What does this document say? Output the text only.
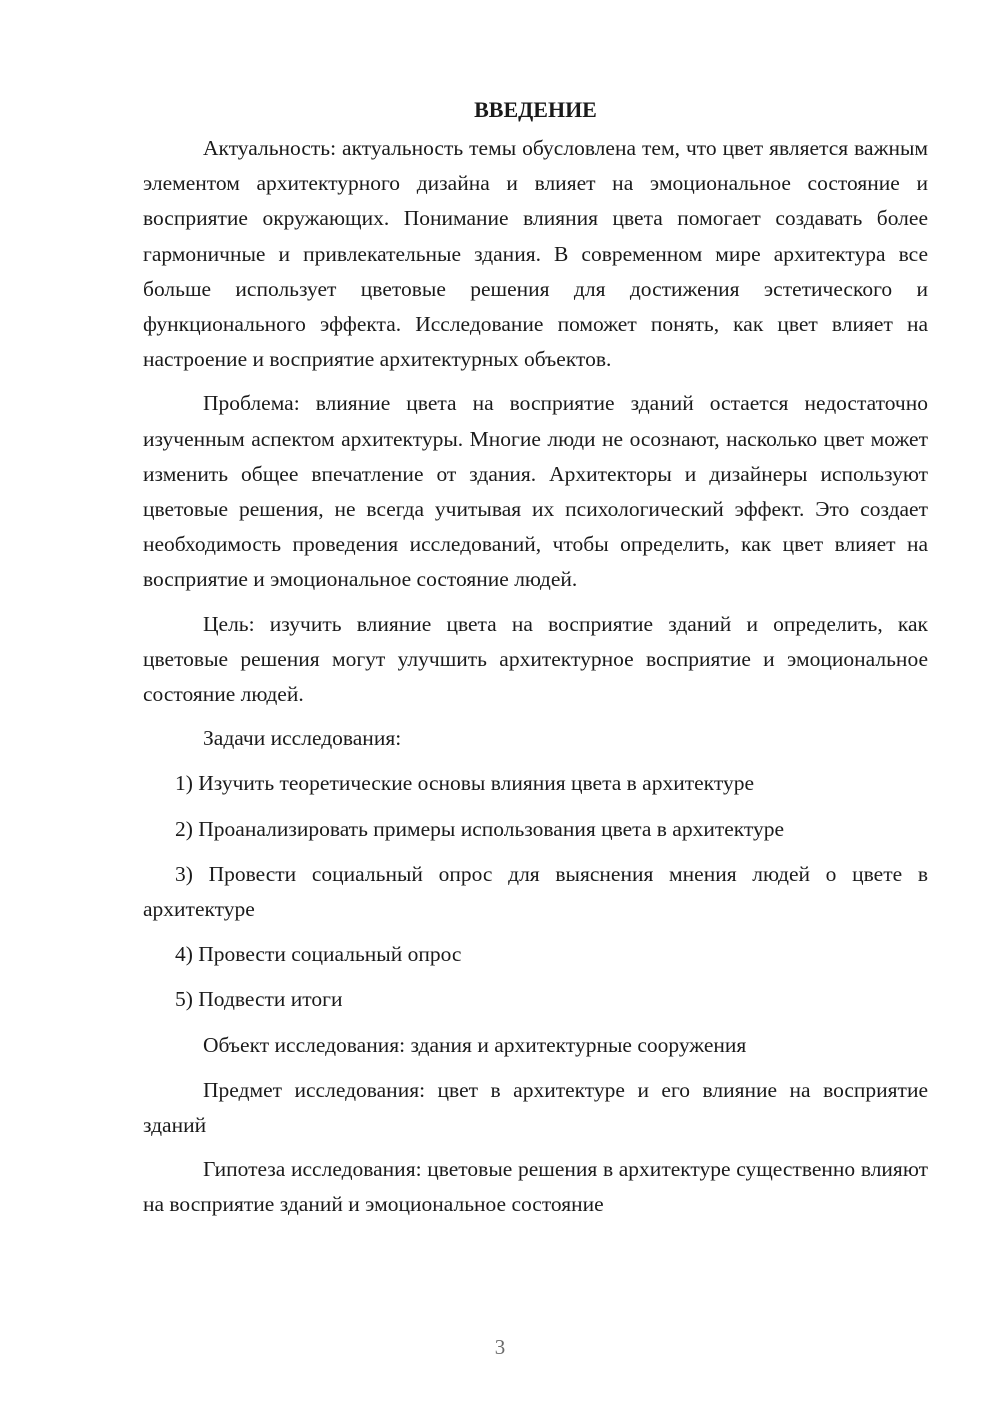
ВВЕДЕНИЕ

Актуальность: актуальность темы обусловлена тем, что цвет является важным элементом архитектурного дизайна и влияет на эмоциональное состояние и восприятие окружающих. Понимание влияния цвета помогает создавать более гармоничные и привлекательные здания. В современном мире архитектура все больше использует цветовые решения для достижения эстетического и функционального эффекта. Исследование поможет понять, как цвет влияет на настроение и восприятие архитектурных объектов.

Проблема: влияние цвета на восприятие зданий остается недостаточно изученным аспектом архитектуры. Многие люди не осознают, насколько цвет может изменить общее впечатление от здания. Архитекторы и дизайнеры используют цветовые решения, не всегда учитывая их психологический эффект. Это создает необходимость проведения исследований, чтобы определить, как цвет влияет на восприятие и эмоциональное состояние людей.

Цель: изучить влияние цвета на восприятие зданий и определить, как цветовые решения могут улучшить архитектурное восприятие и эмоциональное состояние людей.

Задачи исследования:

1) Изучить теоретические основы влияния цвета в архитектуре

2) Проанализировать примеры использования цвета в архитектуре

3) Провести социальный опрос для выяснения мнения людей о цвете в архитектуре

4) Провести социальный опрос

5) Подвести итоги

Объект исследования: здания и архитектурные сооружения

Предмет исследования: цвет в архитектуре и его влияние на восприятие зданий

Гипотеза исследования: цветовые решения в архитектуре существенно влияют на восприятие зданий и эмоциональное состояние

3
